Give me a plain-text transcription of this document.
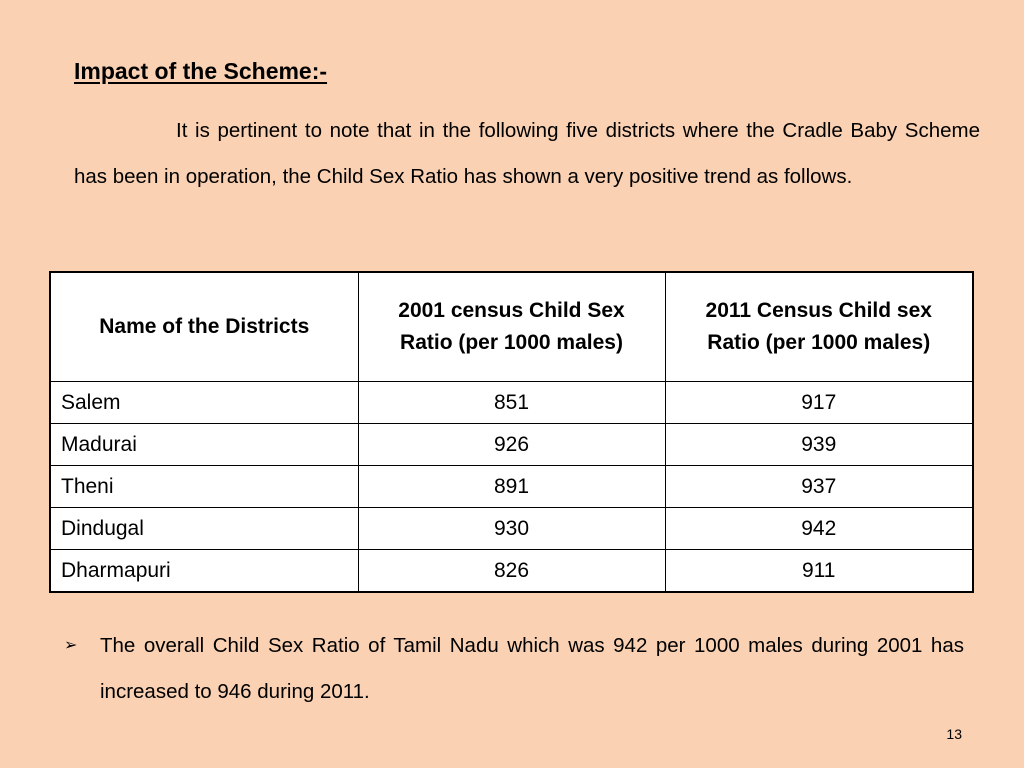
Impact of the Scheme:-

It is pertinent to note that in the following five districts where the Cradle Baby Scheme has been in operation, the Child Sex Ratio has shown a very positive trend as follows.

Name of the Districts	2001 census Child Sex Ratio (per 1000 males)	2011 Census Child sex Ratio (per 1000 males)
Salem	851	917
Madurai	926	939
Theni	891	937
Dindugal	930	942
Dharmapuri	826	911
➢	The overall Child Sex Ratio of Tamil Nadu which was 942 per 1000 males during 2001 has increased to 946 during 2011.

13
